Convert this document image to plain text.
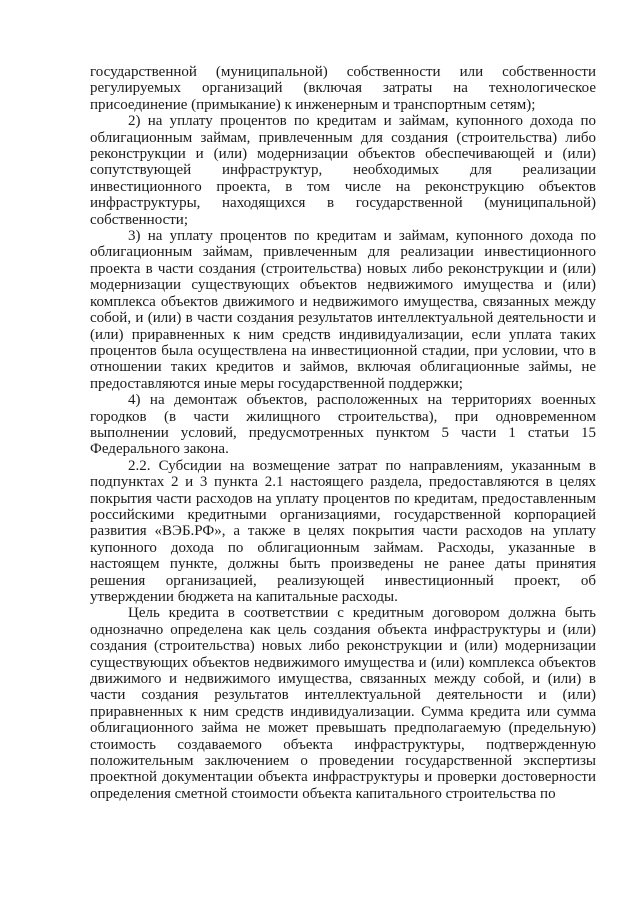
государственной (муниципальной) собственности или собственности регулируемых организаций (включая затраты на технологическое присоединение (примыкание) к инженерным и транспортным сетям);

2) на уплату процентов по кредитам и займам, купонного дохода по облигационным займам, привлеченным для создания (строительства) либо реконструкции и (или) модернизации объектов обеспечивающей и (или) сопутствующей инфраструктур, необходимых для реализации инвестиционного проекта, в том числе на реконструкцию объектов инфраструктуры, находящихся в государственной (муниципальной) собственности;

3) на уплату процентов по кредитам и займам, купонного дохода по облигационным займам, привлеченным для реализации инвестиционного проекта в части создания (строительства) новых либо реконструкции и (или) модернизации существующих объектов недвижимого имущества и (или) комплекса объектов движимого и недвижимого имущества, связанных между собой, и (или) в части создания результатов интеллектуальной деятельности и (или) приравненных к ним средств индивидуализации, если уплата таких процентов была осуществлена на инвестиционной стадии, при условии, что в отношении таких кредитов и займов, включая облигационные займы, не предоставляются иные меры государственной поддержки;

4) на демонтаж объектов, расположенных на территориях военных городков (в части жилищного строительства), при одновременном выполнении условий, предусмотренных пунктом 5 части 1 статьи 15 Федерального закона.

2.2. Субсидии на возмещение затрат по направлениям, указанным в подпунктах 2 и 3 пункта 2.1 настоящего раздела, предоставляются в целях покрытия части расходов на уплату процентов по кредитам, предоставленным российскими кредитными организациями, государственной корпорацией развития «ВЭБ.РФ», а также в целях покрытия части расходов на уплату купонного дохода по облигационным займам. Расходы, указанные в настоящем пункте, должны быть произведены не ранее даты принятия решения организацией, реализующей инвестиционный проект, об утверждении бюджета на капитальные расходы.

Цель кредита в соответствии с кредитным договором должна быть однозначно определена как цель создания объекта инфраструктуры и (или) создания (строительства) новых либо реконструкции и (или) модернизации существующих объектов недвижимого имущества и (или) комплекса объектов движимого и недвижимого имущества, связанных между собой, и (или) в части создания результатов интеллектуальной деятельности и (или) приравненных к ним средств индивидуализации. Сумма кредита или сумма облигационного займа не может превышать предполагаемую (предельную) стоимость создаваемого объекта инфраструктуры, подтвержденную положительным заключением о проведении государственной экспертизы проектной документации объекта инфраструктуры и проверки достоверности определения сметной стоимости объекта капитального строительства по
